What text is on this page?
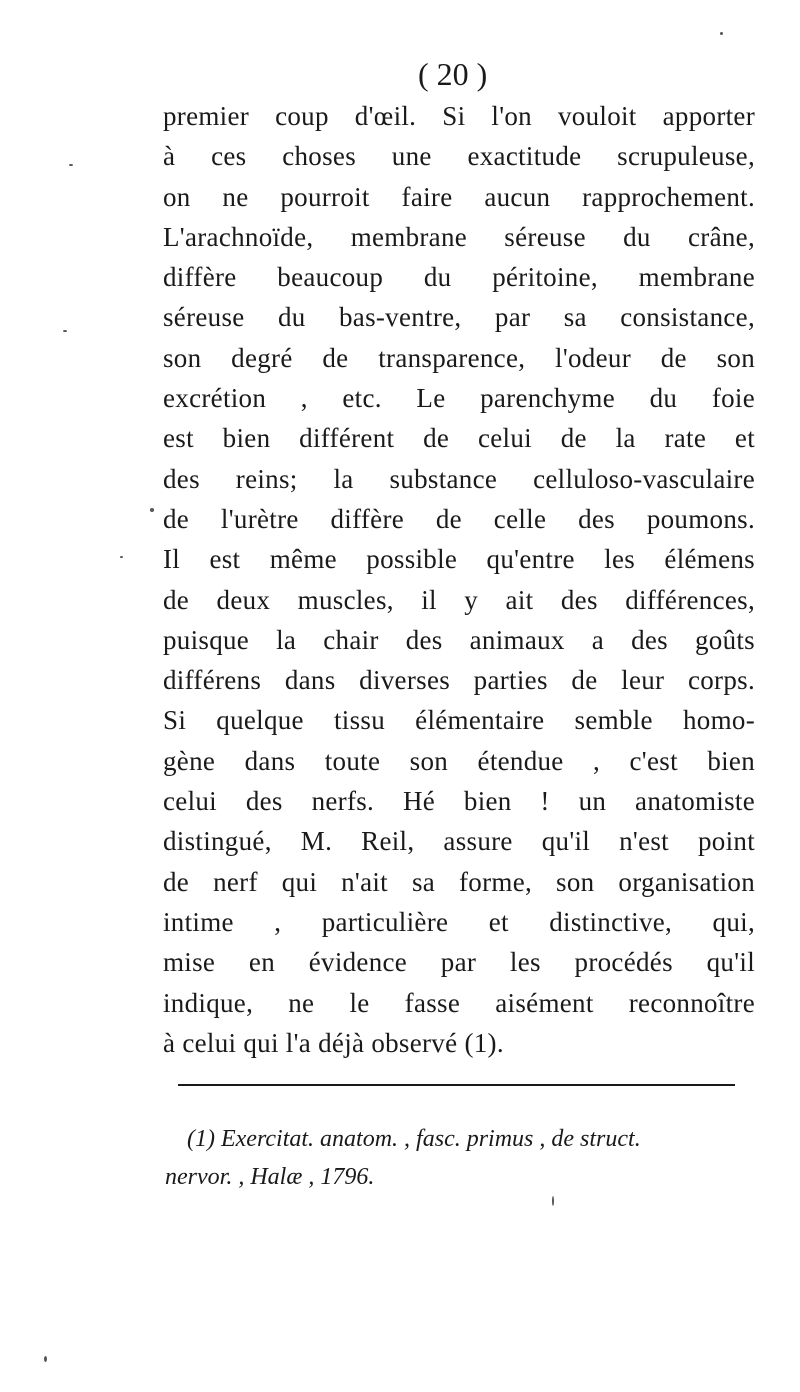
( 20 )
premier coup d'œil. Si l'on vouloit apporter
à ces choses une exactitude scrupuleuse,
on ne pourroit faire aucun rapprochement.
L'arachnoïde, membrane séreuse du crâne,
diffère beaucoup du péritoine, membrane
séreuse du bas-ventre, par sa consistance,
son degré de transparence, l'odeur de son
excrétion , etc. Le parenchyme du foie
est bien différent de celui de la rate et
des reins; la substance celluloso-vasculaire
de l'urètre diffère de celle des poumons.
Il est même possible qu'entre les élémens
de deux muscles, il y ait des différences,
puisque la chair des animaux a des goûts
différens dans diverses parties de leur corps.
Si quelque tissu élémentaire semble homo-
gène dans toute son étendue , c'est bien
celui des nerfs. Hé bien ! un anatomiste
distingué, M. Reil, assure qu'il n'est point
de nerf qui n'ait sa forme, son organisation
intime , particulière et distinctive, qui,
mise en évidence par les procédés qu'il
indique, ne le fasse aisément reconnoître
à celui qui l'a déjà observé (1).
(1) Exercitat. anatom. , fasc. primus , de struct.
nervor. , Halæ , 1796.
